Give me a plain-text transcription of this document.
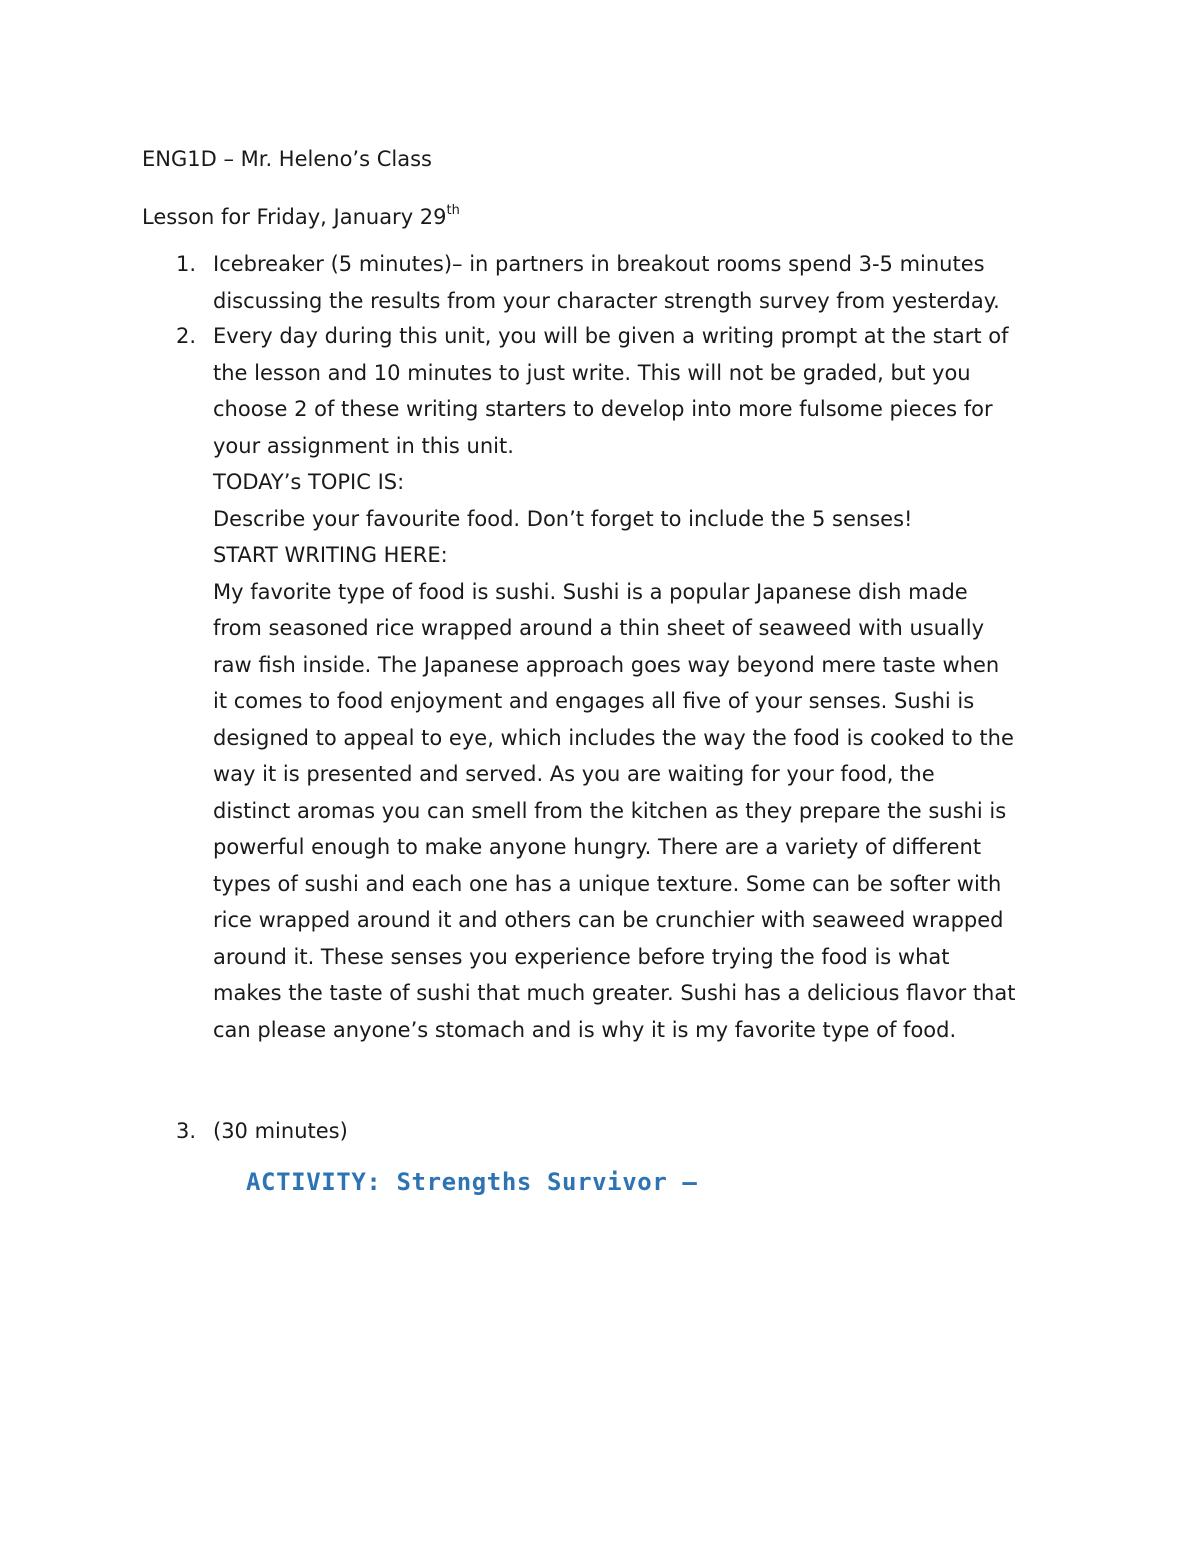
ENG1D – Mr. Heleno’s Class
Lesson for Friday, January 29th
1. Icebreaker (5 minutes)– in partners in breakout rooms spend 3-5 minutes
discussing the results from your character strength survey from yesterday.
2. Every day during this unit, you will be given a writing prompt at the start of
the lesson and 10 minutes to just write. This will not be graded, but you
choose 2 of these writing starters to develop into more fulsome pieces for
your assignment in this unit.
TODAY’s TOPIC IS:
Describe your favourite food. Don’t forget to include the 5 senses!
START WRITING HERE:
My favorite type of food is sushi. Sushi is a popular Japanese dish made
from seasoned rice wrapped around a thin sheet of seaweed with usually
raw fish inside. The Japanese approach goes way beyond mere taste when
it comes to food enjoyment and engages all five of your senses. Sushi is
designed to appeal to eye, which includes the way the food is cooked to the
way it is presented and served. As you are waiting for your food, the
distinct aromas you can smell from the kitchen as they prepare the sushi is
powerful enough to make anyone hungry. There are a variety of different
types of sushi and each one has a unique texture. Some can be softer with
rice wrapped around it and others can be crunchier with seaweed wrapped
around it. These senses you experience before trying the food is what
makes the taste of sushi that much greater. Sushi has a delicious flavor that
can please anyone’s stomach and is why it is my favorite type of food.
3. (30 minutes)
ACTIVITY: Strengths Survivor –
